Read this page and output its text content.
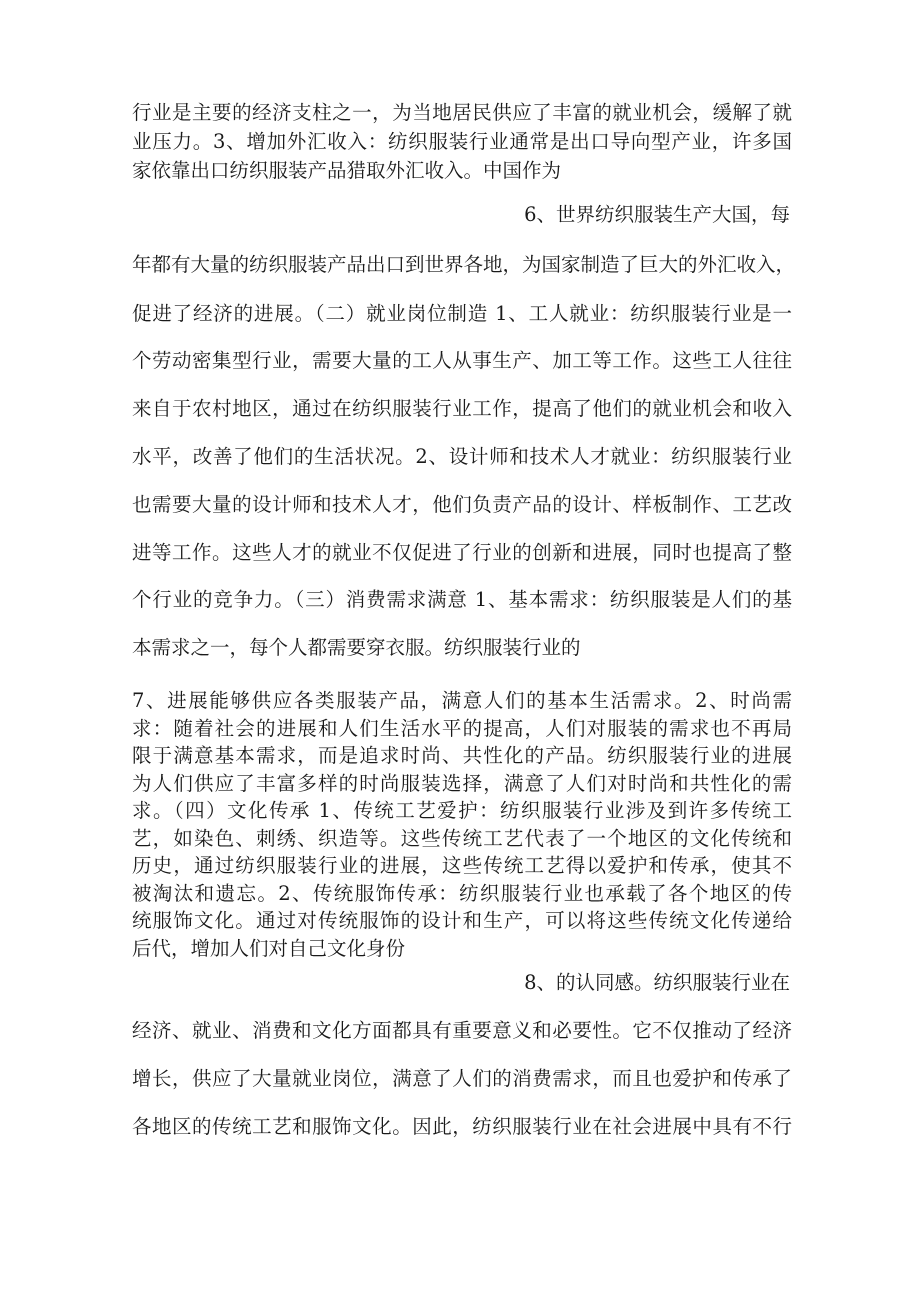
行业是主要的经济支柱之一，为当地居民供应了丰富的就业机会，缓解了就
业压力。3、增加外汇收入：纺织服装行业通常是出口导向型产业，许多国
家依靠出口纺织服装产品猎取外汇收入。中国作为
6、世界纺织服装生产大国，每
年都有大量的纺织服装产品出口到世界各地，为国家制造了巨大的外汇收入，
促进了经济的进展。（二）就业岗位制造 1、工人就业：纺织服装行业是一
个劳动密集型行业，需要大量的工人从事生产、加工等工作。这些工人往往
来自于农村地区，通过在纺织服装行业工作，提高了他们的就业机会和收入
水平，改善了他们的生活状况。2、设计师和技术人才就业：纺织服装行业
也需要大量的设计师和技术人才，他们负责产品的设计、样板制作、工艺改
进等工作。这些人才的就业不仅促进了行业的创新和进展，同时也提高了整
个行业的竞争力。（三）消费需求满意 1、基本需求：纺织服装是人们的基
本需求之一，每个人都需要穿衣服。纺织服装行业的
7、进展能够供应各类服装产品，满意人们的基本生活需求。2、时尚需
求：随着社会的进展和人们生活水平的提高，人们对服装的需求也不再局
限于满意基本需求，而是追求时尚、共性化的产品。纺织服装行业的进展
为人们供应了丰富多样的时尚服装选择，满意了人们对时尚和共性化的需
求。（四）文化传承 1、传统工艺爱护：纺织服装行业涉及到许多传统工
艺，如染色、刺绣、织造等。这些传统工艺代表了一个地区的文化传统和
历史，通过纺织服装行业的进展，这些传统工艺得以爱护和传承，使其不
被淘汰和遗忘。2、传统服饰传承：纺织服装行业也承载了各个地区的传
统服饰文化。通过对传统服饰的设计和生产，可以将这些传统文化传递给
后代，增加人们对自己文化身份
8、的认同感。纺织服装行业在
经济、就业、消费和文化方面都具有重要意义和必要性。它不仅推动了经济
增长，供应了大量就业岗位，满意了人们的消费需求，而且也爱护和传承了
各地区的传统工艺和服饰文化。因此，纺织服装行业在社会进展中具有不行
